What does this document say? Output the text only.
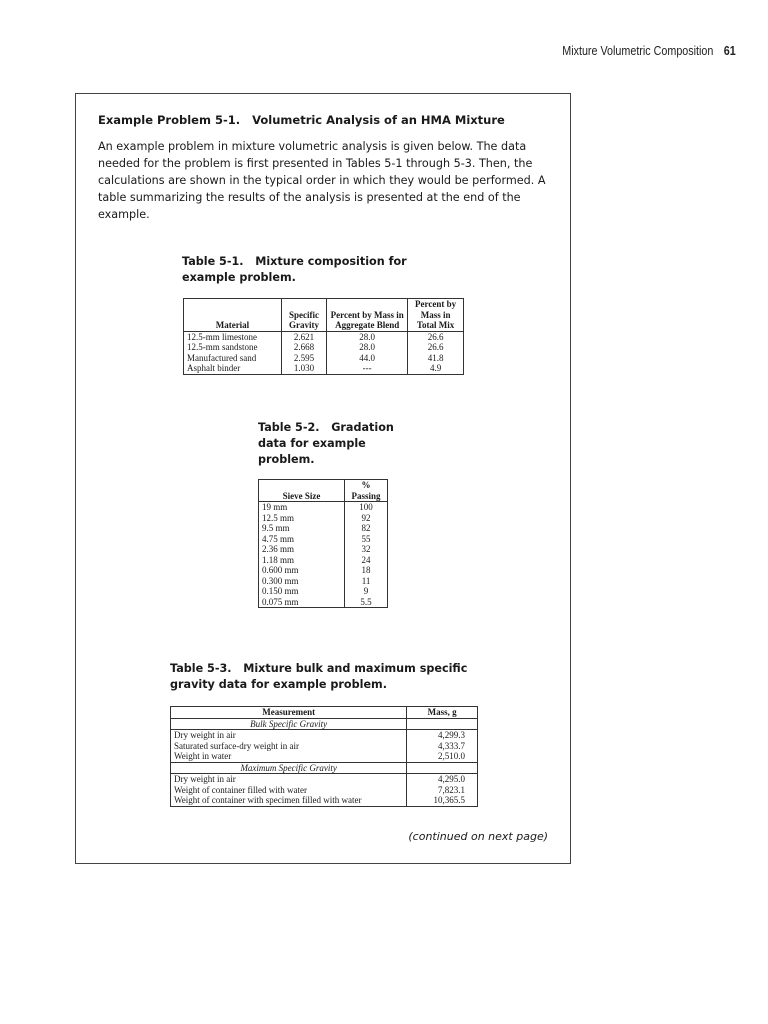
Mixture Volumetric Composition 61
Example Problem 5-1.   Volumetric Analysis of an HMA Mixture
An example problem in mixture volumetric analysis is given below. The data needed for the problem is first presented in Tables 5-1 through 5-3. Then, the calculations are shown in the typical order in which they would be performed. A table summarizing the results of the analysis is presented at the end of the example.
Table 5-1.   Mixture composition for example problem.
Material	Specific Gravity	Percent by Mass in Aggregate Blend	Percent by Mass in Total Mix
12.5-mm limestone	2.621	28.0	26.6
12.5-mm sandstone	2.668	28.0	26.6
Manufactured sand	2.595	44.0	41.8
Asphalt binder	1.030	---	4.9
Table 5-2.   Gradation data for example problem.
Sieve Size	% Passing
19 mm	100
12.5 mm	92
9.5 mm	82
4.75 mm	55
2.36 mm	32
1.18 mm	24
0.600 mm	18
0.300 mm	11
0.150 mm	9
0.075 mm	5.5
Table 5-3.   Mixture bulk and maximum specific gravity data for example problem.
Measurement	Mass, g
Bulk Specific Gravity	
Dry weight in air	4,299.3
Saturated surface-dry weight in air	4,333.7
Weight in water	2,510.0
Maximum Specific Gravity	
Dry weight in air	4,295.0
Weight of container filled with water	7,823.1
Weight of container with specimen filled with water	10,365.5
(continued on next page)
